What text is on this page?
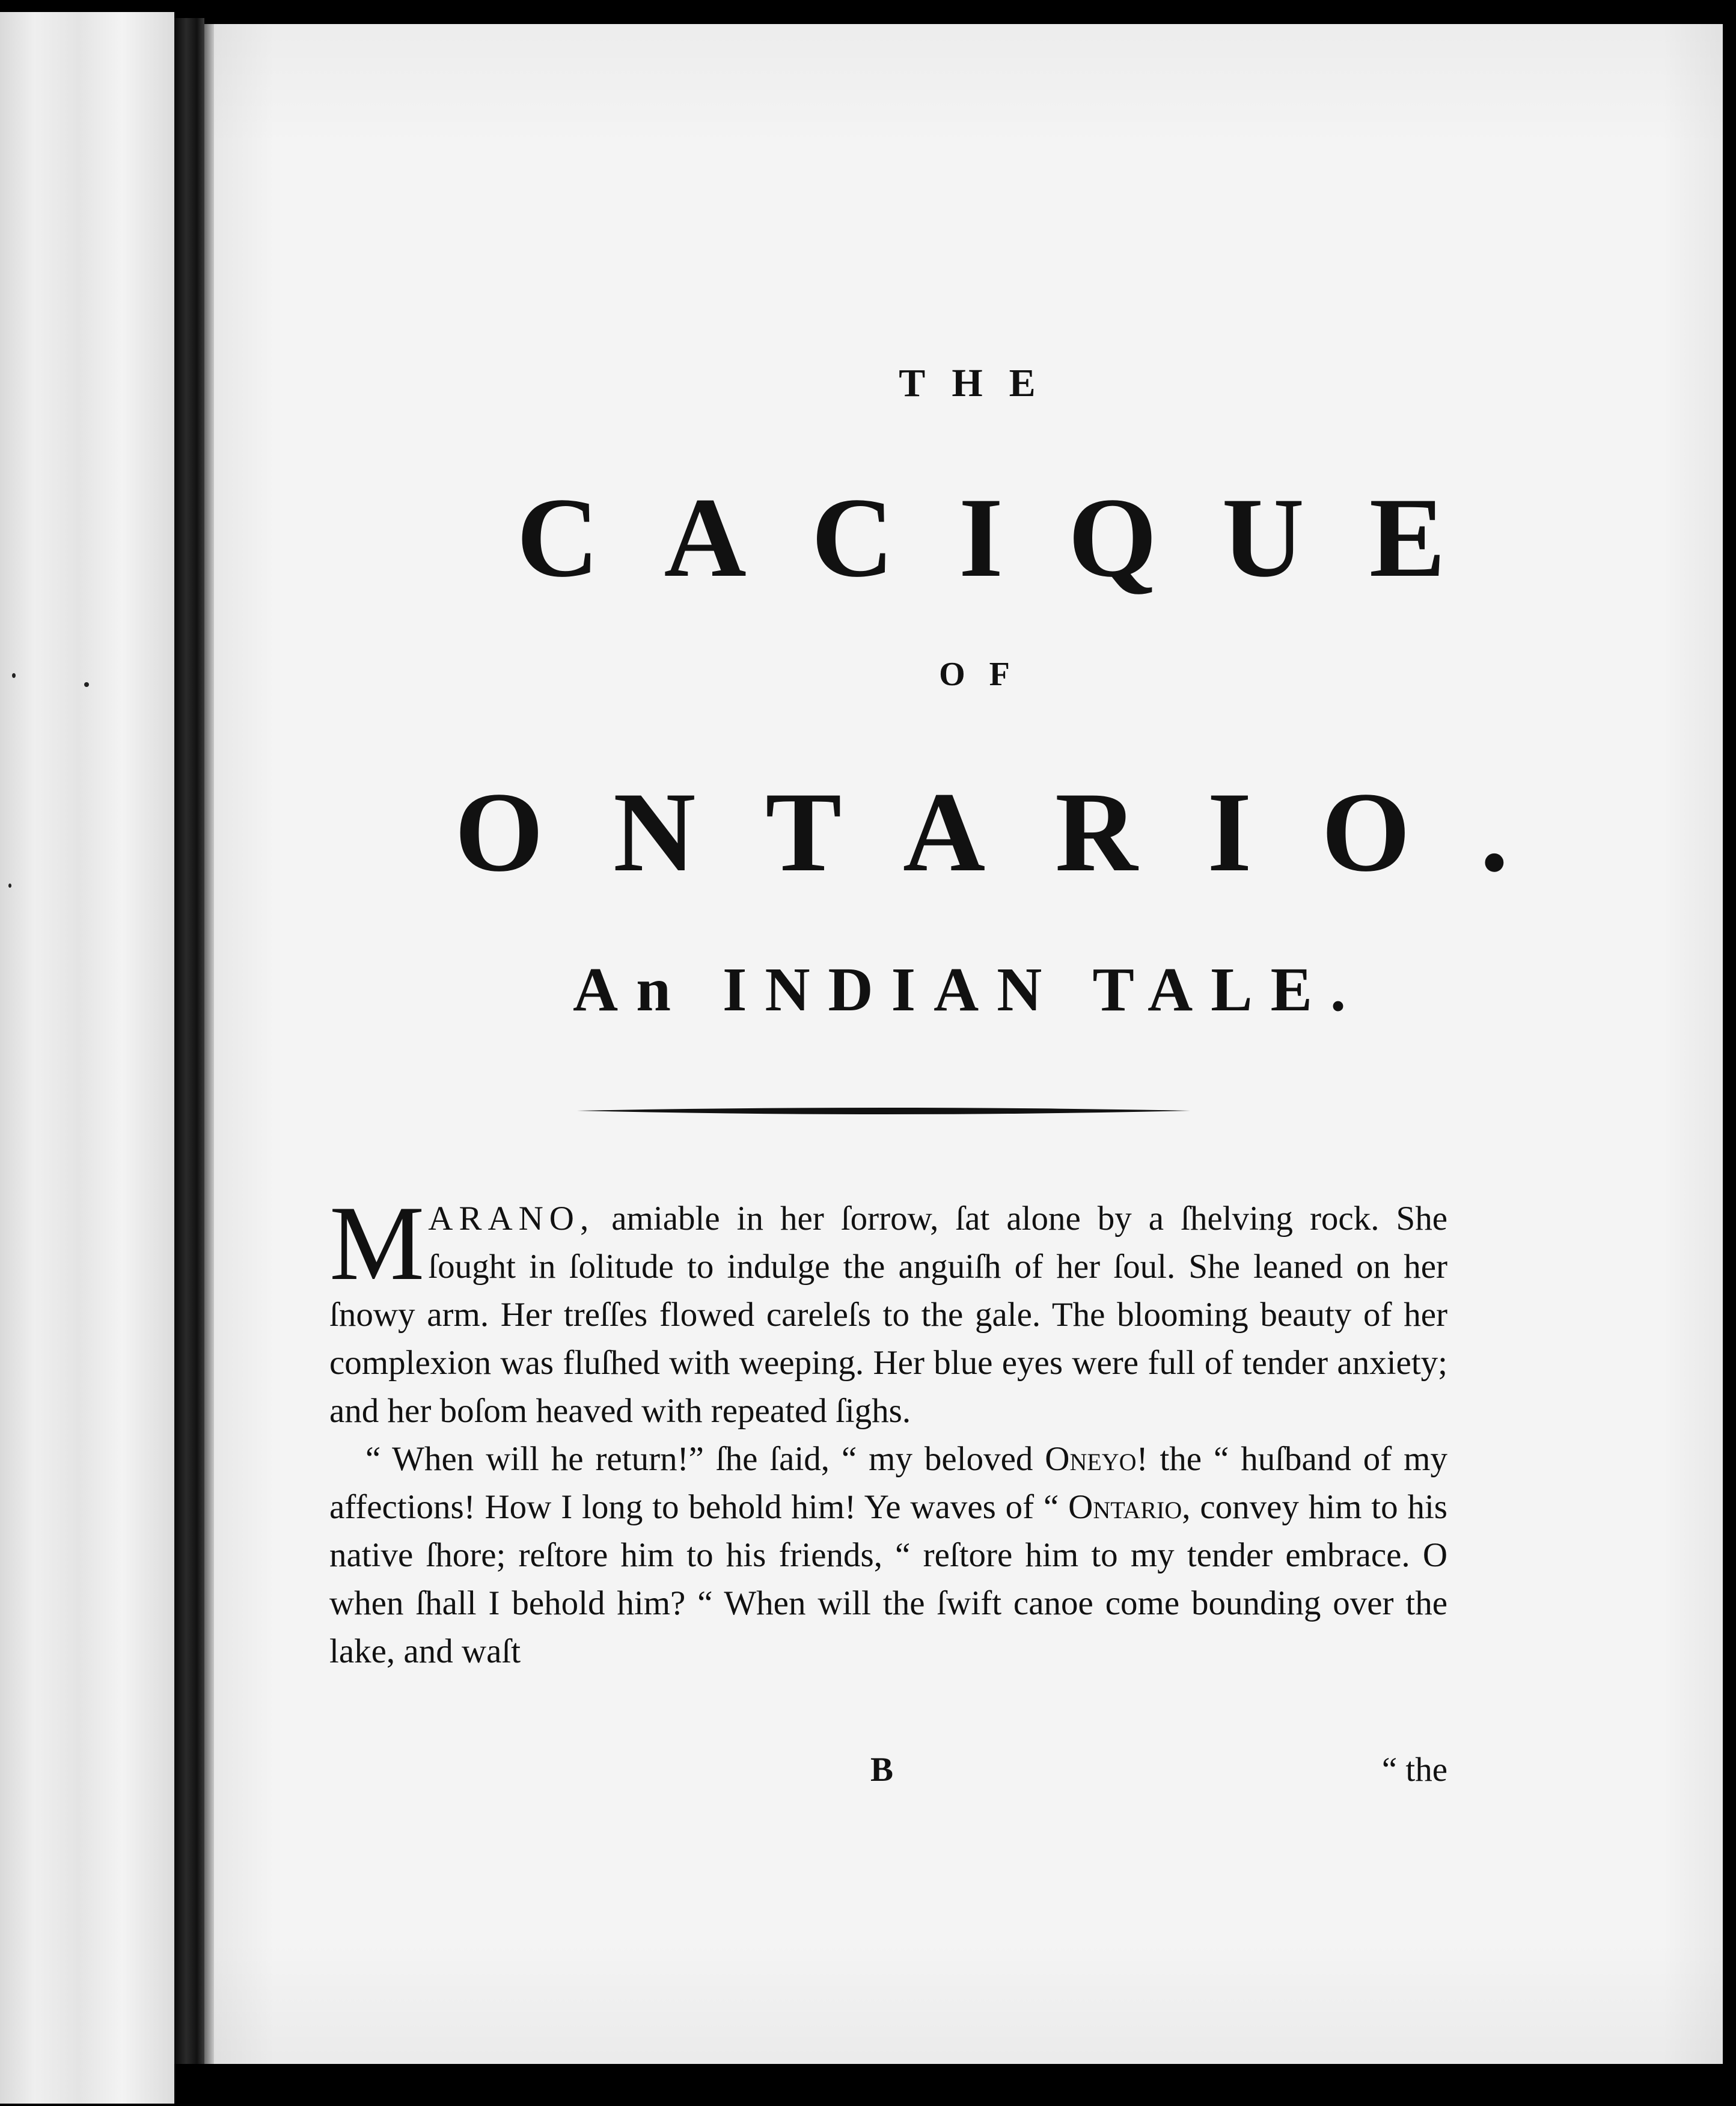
THE
CACIQUE
OF
ONTARIO.
An INDIAN TALE.

MARANO, amiable in her ſorrow, ſat alone by a ſhelving rock. She ſought in ſolitude to indulge the anguiſh of her ſoul. She leaned on her ſnowy arm. Her treſſes flowed careleſs to the gale. The blooming beauty of her complexion was fluſhed with weeping. Her blue eyes were full of tender anxiety; and her boſom heaved with repeated ſighs.

“ When will he return!” ſhe ſaid, “ my beloved Oneyo! the “ huſband of my affections! How I long to behold him! Ye waves of “ Ontario, convey him to his native ſhore; reſtore him to his friends, “ reſtore him to my tender embrace. O when ſhall I behold him? “ When will the ſwift canoe come bounding over the lake, and waſt

B	“ the
